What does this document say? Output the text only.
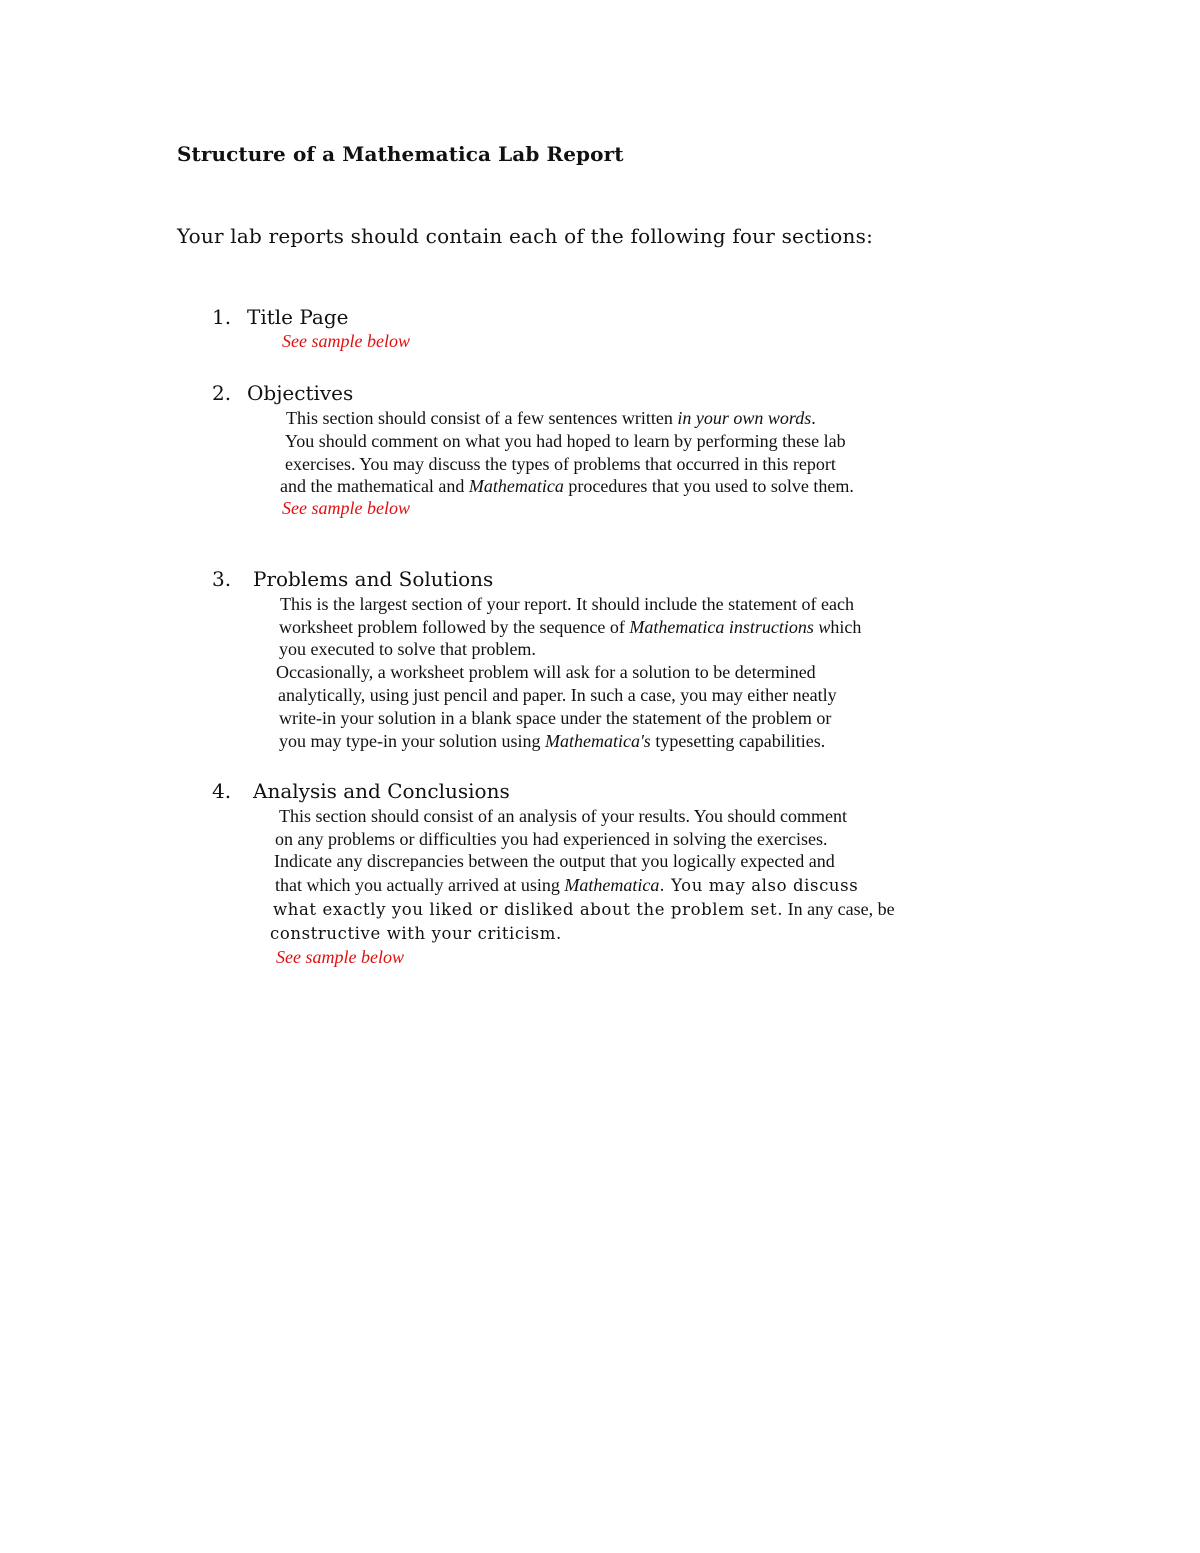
Structure of a Mathematica Lab Report
Your lab reports should contain each of the following four sections:
1. Title Page
See sample below
2. Objectives
This section should consist of a few sentences written in your own words.
You should comment on what you had hoped to learn by performing these lab
exercises. You may discuss the types of problems that occurred in this report
and the mathematical and Mathematica procedures that you used to solve them.
See sample below
3. Problems and Solutions
This is the largest section of your report. It should include the statement of each
worksheet problem followed by the sequence of Mathematica instructions which
you executed to solve that problem.
Occasionally, a worksheet problem will ask for a solution to be determined
analytically, using just pencil and paper. In such a case, you may either neatly
write-in your solution in a blank space under the statement of the problem or
you may type-in your solution using Mathematica's typesetting capabilities.
4. Analysis and Conclusions
This section should consist of an analysis of your results. You should comment
on any problems or difficulties you had experienced in solving the exercises.
Indicate any discrepancies between the output that you logically expected and
that which you actually arrived at using Mathematica. You may also discuss
what exactly you liked or disliked about the problem set. In any case, be
constructive with your criticism.
See sample below
